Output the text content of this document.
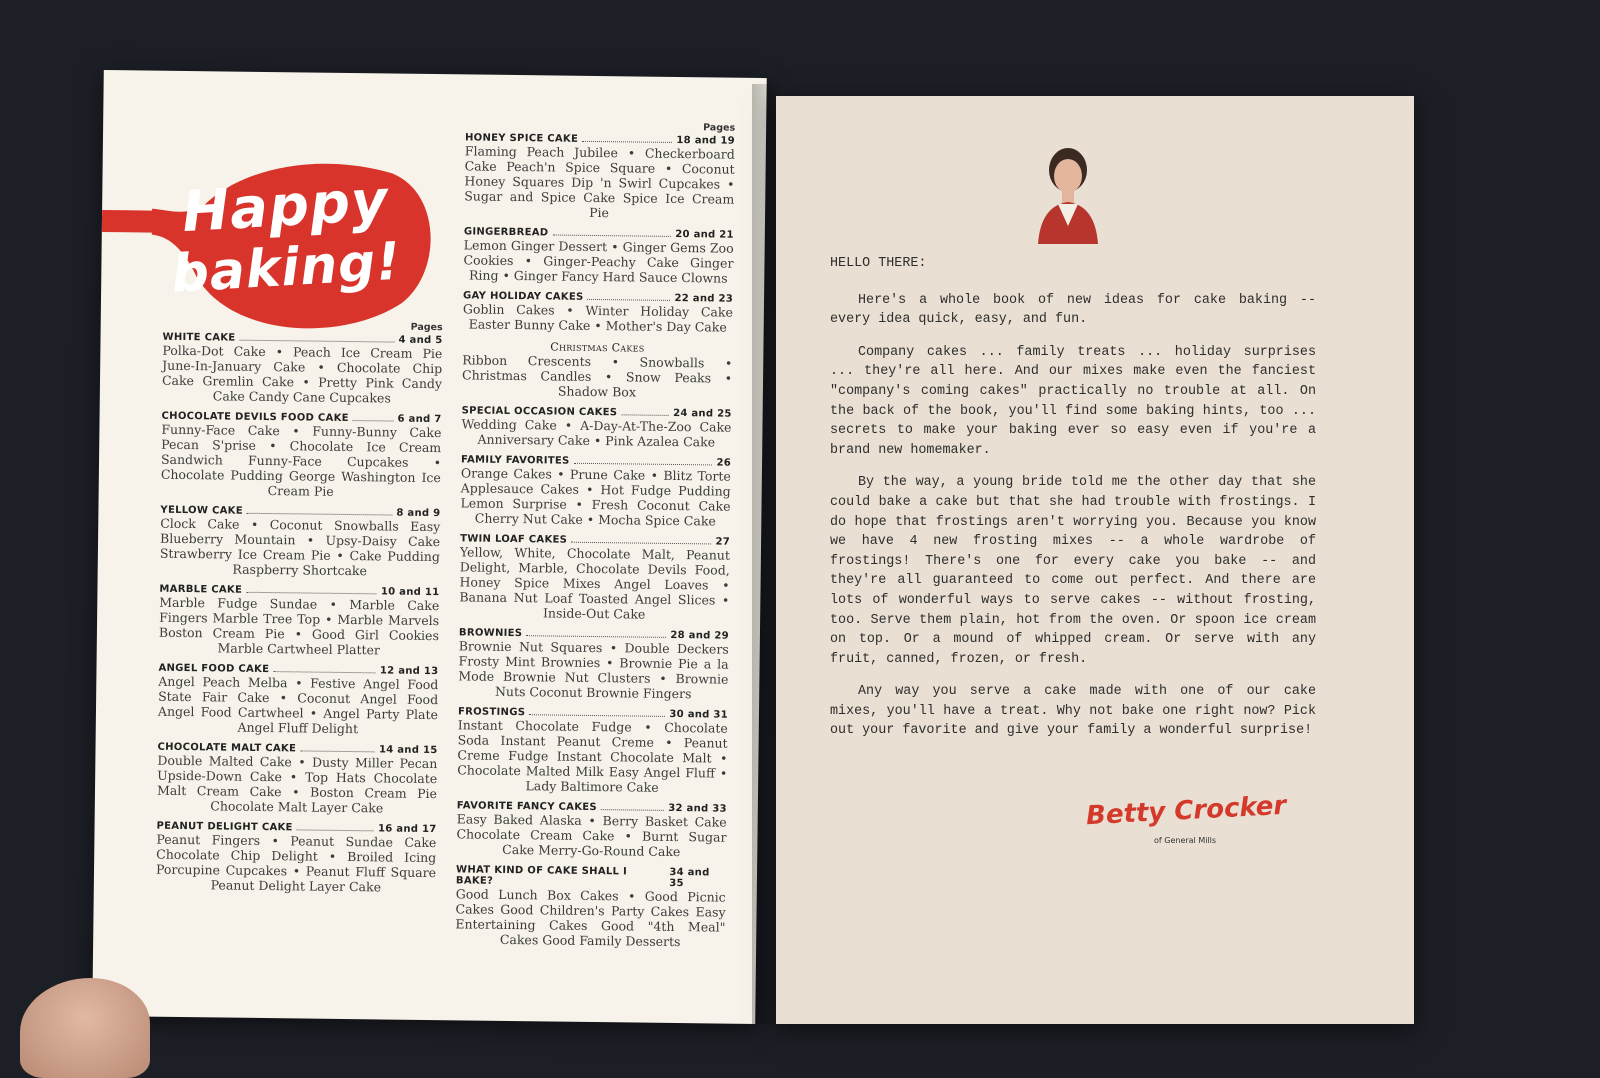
Happy
baking!
Pages
WHITE CAKE	4 and 5
Polka-Dot Cake • Peach Ice Cream Pie June-In-January Cake • Chocolate Chip Cake Gremlin Cake • Pretty Pink Candy Cake Candy Cane Cupcakes
CHOCOLATE DEVILS FOOD CAKE	6 and 7
Funny-Face Cake • Funny-Bunny Cake Pecan S'prise • Chocolate Ice Cream Sandwich Funny-Face Cupcakes • Chocolate Pudding George Washington Ice Cream Pie
YELLOW CAKE	8 and 9
Clock Cake • Coconut Snowballs Easy Blueberry Mountain • Upsy-Daisy Cake Strawberry Ice Cream Pie • Cake Pudding Raspberry Shortcake
MARBLE CAKE	10 and 11
Marble Fudge Sundae • Marble Cake Fingers Marble Tree Top • Marble Marvels Boston Cream Pie • Good Girl Cookies Marble Cartwheel Platter
ANGEL FOOD CAKE	12 and 13
Angel Peach Melba • Festive Angel Food State Fair Cake • Coconut Angel Food Angel Food Cartwheel • Angel Party Plate Angel Fluff Delight
CHOCOLATE MALT CAKE	14 and 15
Double Malted Cake • Dusty Miller Pecan Upside-Down Cake • Top Hats Chocolate Malt Cream Cake • Boston Cream Pie Chocolate Malt Layer Cake
PEANUT DELIGHT CAKE	16 and 17
Peanut Fingers • Peanut Sundae Cake Chocolate Chip Delight • Broiled Icing Porcupine Cupcakes • Peanut Fluff Square Peanut Delight Layer Cake
Pages
HONEY SPICE CAKE	18 and 19
Flaming Peach Jubilee • Checkerboard Cake Peach'n Spice Square • Coconut Honey Squares Dip 'n Swirl Cupcakes • Sugar and Spice Cake Spice Ice Cream Pie
GINGERBREAD	20 and 21
Lemon Ginger Dessert • Ginger Gems Zoo Cookies • Ginger-Peachy Cake Ginger Ring • Ginger Fancy Hard Sauce Clowns
GAY HOLIDAY CAKES	22 and 23
Goblin Cakes • Winter Holiday Cake Easter Bunny Cake • Mother's Day Cake
Christmas Cakes
Ribbon Crescents • Snowballs • Christmas Candles • Snow Peaks • Shadow Box
SPECIAL OCCASION CAKES	24 and 25
Wedding Cake • A-Day-At-The-Zoo Cake Anniversary Cake • Pink Azalea Cake
FAMILY FAVORITES	26
Orange Cakes • Prune Cake • Blitz Torte Applesauce Cakes • Hot Fudge Pudding Lemon Surprise • Fresh Coconut Cake Cherry Nut Cake • Mocha Spice Cake
TWIN LOAF CAKES	27
Yellow, White, Chocolate Malt, Peanut Delight, Marble, Chocolate Devils Food, Honey Spice Mixes Angel Loaves • Banana Nut Loaf Toasted Angel Slices • Inside-Out Cake
BROWNIES	28 and 29
Brownie Nut Squares • Double Deckers Frosty Mint Brownies • Brownie Pie a la Mode Brownie Nut Clusters • Brownie Nuts Coconut Brownie Fingers
FROSTINGS	30 and 31
Instant Chocolate Fudge • Chocolate Soda Instant Peanut Creme • Peanut Creme Fudge Instant Chocolate Malt • Chocolate Malted Milk Easy Angel Fluff • Lady Baltimore Cake
FAVORITE FANCY CAKES	32 and 33
Easy Baked Alaska • Berry Basket Cake Chocolate Cream Cake • Burnt Sugar Cake Merry-Go-Round Cake
WHAT KIND OF CAKE SHALL I BAKE?
34 and 35
Good Lunch Box Cakes • Good Picnic Cakes Good Children's Party Cakes Easy Entertaining Cakes Good "4th Meal" Cakes Good Family Desserts
HELLO THERE:

Here's a whole book of new ideas for cake baking -- every idea quick, easy, and fun.

Company cakes ... family treats ... holiday surprises ... they're all here. And our mixes make even the fanciest "company's coming cakes" practically no trouble at all. On the back of the book, you'll find some baking hints, too ... secrets to make your baking ever so easy even if you're a brand new homemaker.

By the way, a young bride told me the other day that she could bake a cake but that she had trouble with frostings. I do hope that frostings aren't worrying you. Because you know we have 4 new frosting mixes -- a whole wardrobe of frostings! There's one for every cake you bake -- and they're all guaranteed to come out perfect. And there are lots of wonderful ways to serve cakes -- without frosting, too. Serve them plain, hot from the oven. Or spoon ice cream on top. Or a mound of whipped cream. Or serve with any fruit, canned, frozen, or fresh.

Any way you serve a cake made with one of our cake mixes, you'll have a treat. Why not bake one right now? Pick out your favorite and give your family a wonderful surprise!

Betty Crocker
of General Mills
